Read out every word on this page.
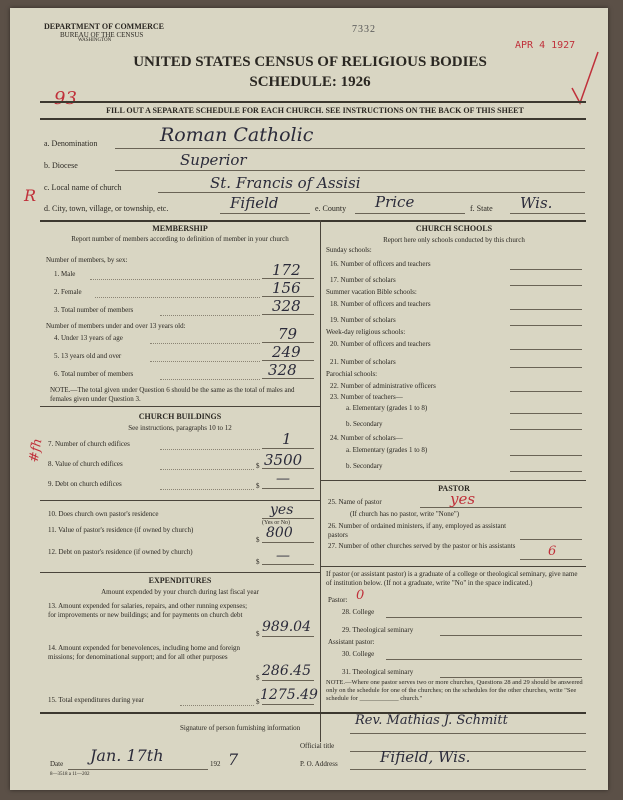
DEPARTMENT OF COMMERCE
BUREAU OF THE CENSUS
WASHINGTON
7332
APR 4 1927
UNITED STATES CENSUS OF RELIGIOUS BODIES
SCHEDULE: 1926
93
FILL OUT A SEPARATE SCHEDULE FOR EACH CHURCH. SEE INSTRUCTIONS ON THE BACK OF THIS SHEET
a. Denomination	Roman Catholic
b. Diocese	Superior
c. Local name of church	St. Francis of Assisi
R
d. City, town, village, or township, etc.	Fifield	e. County Price	f. State Wis.
MEMBERSHIP
Report number of members according to definition of member in your church
Number of members, by sex:
1. Male	172
2. Female	156
3. Total number of members	328
Number of members under and over 13 years old:
4. Under 13 years of age	79
5. 13 years old and over	249
6. Total number of members	328
NOTE.—The total given under Question 6 should be the same as the total of males and females given under Question 3.
CHURCH BUILDINGS
See instructions, paragraphs 10 to 12
7. Number of church edifices	1
8. Value of church edifices	$ 3500
9. Debt on church edifices	$ —
10. Does church own pastor's residence	yes
(Yes or No)
11. Value of pastor's residence (if owned by church)
$ 800
12. Debt on pastor's residence (if owned by church)
$ —
#fh
EXPENDITURES
Amount expended by your church during last fiscal year
13. Amount expended for salaries, repairs, and other running expenses; for improvements or new buildings; and for payments on church debt
$ 989.04
14. Amount expended for benevolences, including home and foreign missions; for denominational support; and for all other purposes
$ 286.45
15. Total expenditures during year	$ 1275.49
CHURCH SCHOOLS
Report here only schools conducted by this church
Sunday schools:
16. Number of officers and teachers
17. Number of scholars
Summer vacation Bible schools:
18. Number of officers and teachers
19. Number of scholars
Week-day religious schools:
20. Number of officers and teachers
21. Number of scholars
Parochial schools:
22. Number of administrative officers
23. Number of teachers—
a. Elementary (grades 1 to 8)
b. Secondary
24. Number of scholars—
a. Elementary (grades 1 to 8)
b. Secondary
PASTOR
25. Name of pastor	yes
(If church has no pastor, write "None")
26. Number of ordained ministers, if any, employed as assistant pastors
27. Number of other churches served by the pastor or his assistants	6
If pastor (or assistant pastor) is a graduate of a college or theological seminary, give name of institution below. (If not a graduate, write "No" in the space indicated.)
Pastor: 0
28. College
29. Theological seminary
Assistant pastor:
30. College
31. Theological seminary
NOTE.—Where one pastor serves two or more churches, Questions 28 and 29 should be answered only on the schedule for one of the churches; on the schedules for the other churches, write "See schedule for ____________ church."
Signature of person furnishing information	Rev. Mathias J. Schmitt
Official title
Date Jan. 17th	192 7	P. O. Address	Fifield, Wis.
8—3518 a 11—202
